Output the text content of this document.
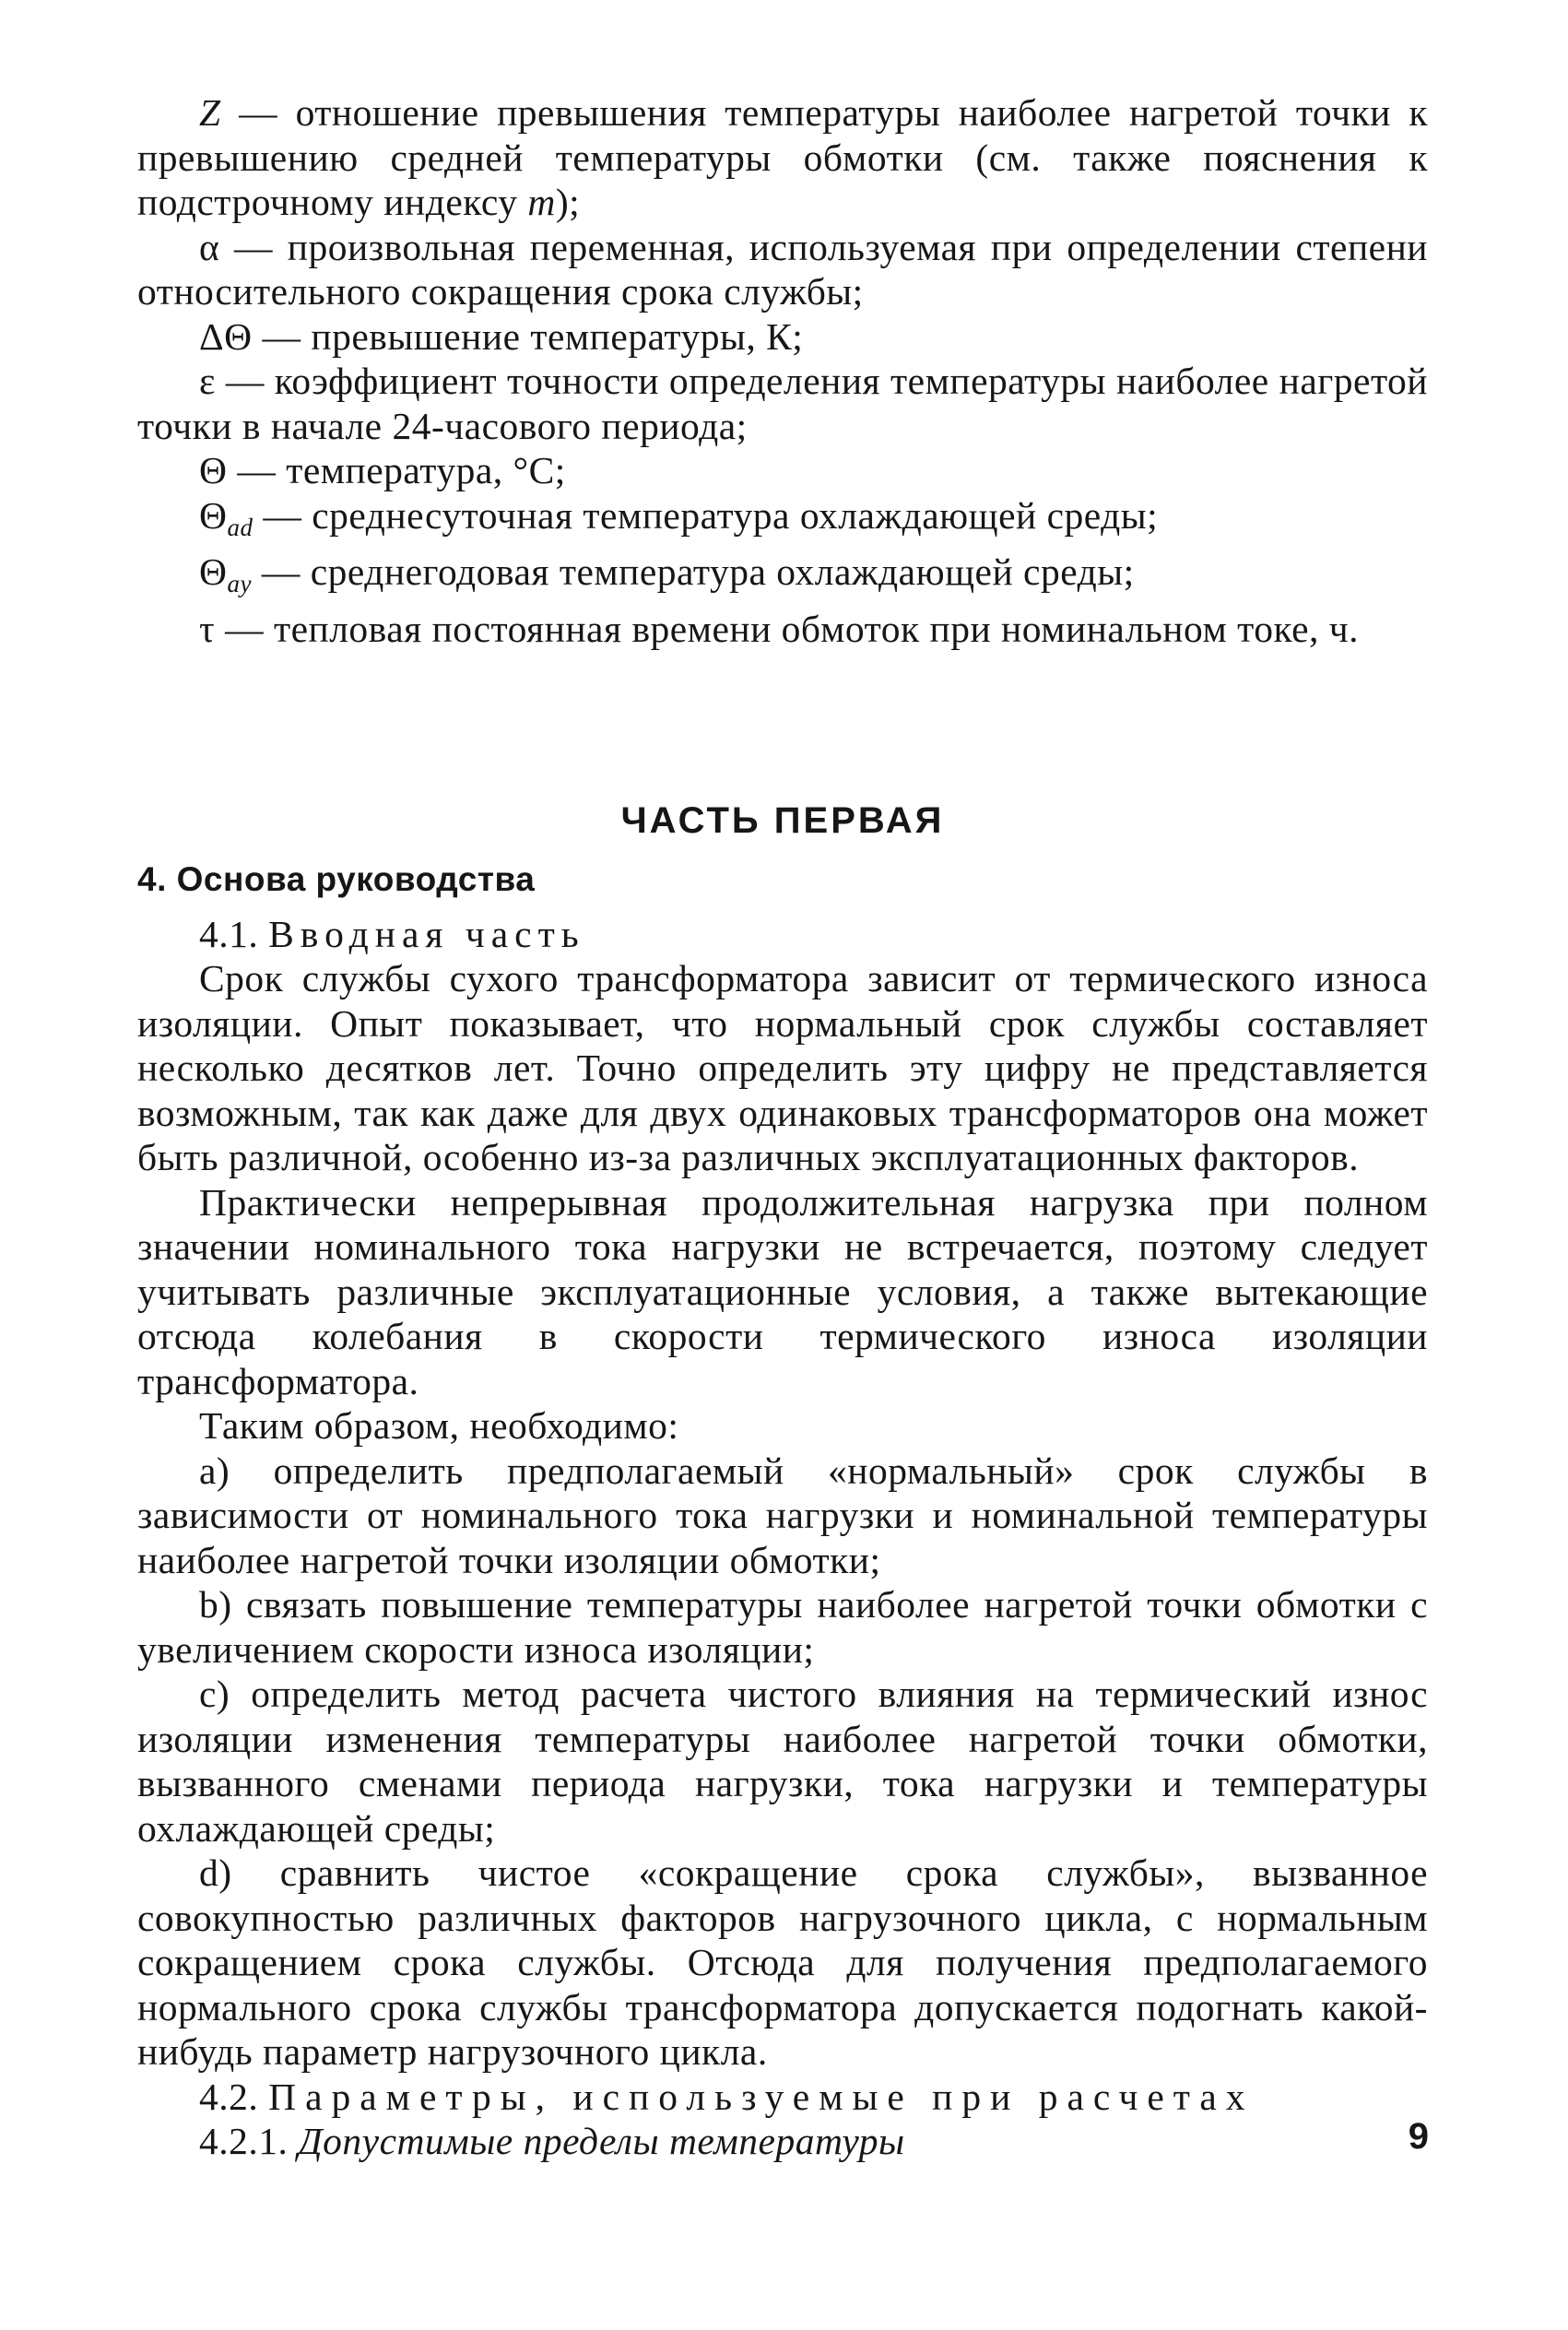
Z — отношение превышения температуры наиболее нагретой точки к превышению средней температуры обмотки (см. также пояснения к подстрочному индексу m);

α — произвольная переменная, используемая при определении степени относительного сокращения срока службы;

ΔΘ — превышение температуры, К;

ε — коэффициент точности определения температуры наиболее нагретой точки в начале 24-часового периода;

Θ — температура, °С;

$\Theta_{ad}$ — среднесуточная температура охлаждающей среды;

$\Theta_{ay}$ — среднегодовая температура охлаждающей среды;

τ — тепловая постоянная времени обмоток при номинальном токе, ч.

ЧАСТЬ ПЕРВАЯ

4. Основа руководства

4.1. Вводная часть

Срок службы сухого трансформатора зависит от термического износа изоляции. Опыт показывает, что нормальный срок службы составляет несколько десятков лет. Точно определить эту цифру не представляется возможным, так как даже для двух одинаковых трансформаторов она может быть различной, особенно из-за различных эксплуатационных факторов.

Практически непрерывная продолжительная нагрузка при полном значении номинального тока нагрузки не встречается, поэтому следует учитывать различные эксплуатационные условия, а также вытекающие отсюда колебания в скорости термического износа изоляции трансформатора.

Таким образом, необходимо:

а) определить предполагаемый «нормальный» срок службы в зависимости от номинального тока нагрузки и номинальной температуры наиболее нагретой точки изоляции обмотки;

b) связать повышение температуры наиболее нагретой точки обмотки с увеличением скорости износа изоляции;

с) определить метод расчета чистого влияния на термический износ изоляции изменения температуры наиболее нагретой точки обмотки, вызванного сменами периода нагрузки, тока нагрузки и температуры охлаждающей среды;

d) сравнить чистое «сокращение срока службы», вызванное совокупностью различных факторов нагрузочного цикла, с нормальным сокращением срока службы. Отсюда для получения предполагаемого нормального срока службы трансформатора допускается подогнать какой-нибудь параметр нагрузочного цикла.

4.2. Параметры, используемые при расчетах

4.2.1. Допустимые пределы температуры	9
